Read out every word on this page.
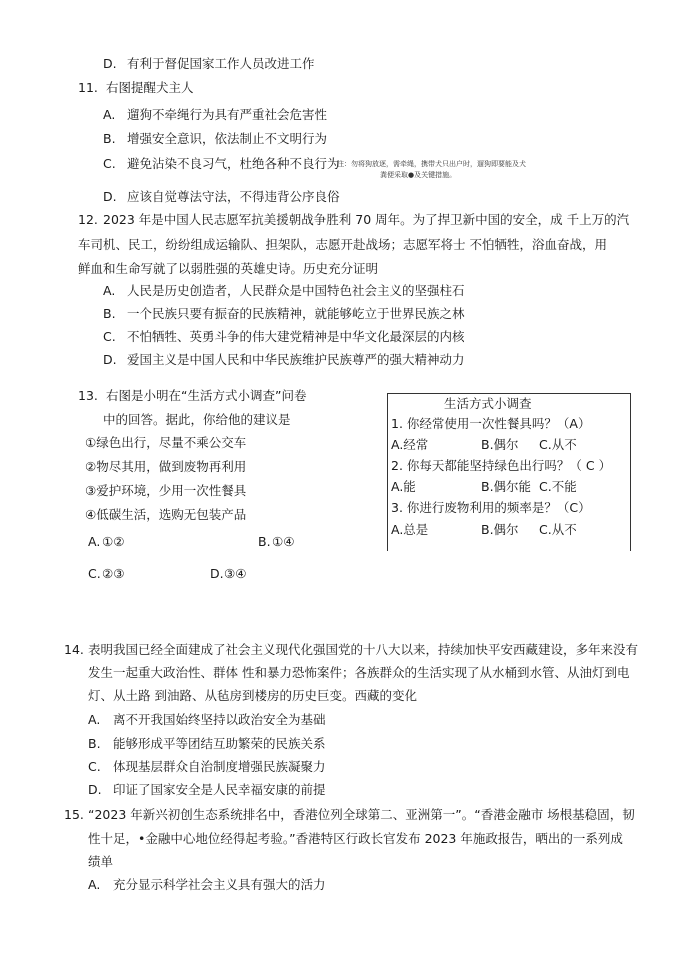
D. 有利于督促国家工作人员改进工作
11. 右图提醒犬主人
A. 遛狗不牵绳行为具有严重社会危害性
B. 增强安全意识，依法制止不文明行为
C. 避免沾染不良习气，杜绝各种不良行为
注：勿将狗放逐，需牵绳，携带犬只出户时，遛狗即要能及犬
粪便采取●及关键措施。
D. 应该自觉尊法守法，不得违背公序良俗
12. 2023 年是中国人民志愿军抗美援朝战争胜利 70 周年。为了捍卫新中国的安全，成 千上万的汽
车司机、民工，纷纷组成运输队、担架队，志愿开赴战场；志愿军将士 不怕牺牲，浴血奋战，用
鲜血和生命写就了以弱胜强的英雄史诗。历史充分证明
A. 人民是历史创造者，人民群众是中国特色社会主义的坚强柱石
B. 一个民族只要有振奋的民族精神，就能够屹立于世界民族之林
C. 不怕牺牲、英勇斗争的伟大建党精神是中华文化最深层的内核
D. 爱国主义是中国人民和中华民族维护民族尊严的强大精神动力
13. 右图是小明在“生活方式小调查”问卷
中的回答。据此，你给他的建议是
①绿色出行，尽量不乘公交车
②物尽其用，做到废物再利用
③爱护环境，少用一次性餐具
④低碳生活，选购无包装产品
A. ①②	B. ①④
C. ②③	D. ③④
生活方式小调查
1. 你经常使用一次性餐具吗？（A）
A.经常	B.偶尔 C.从不
2. 你每天都能坚持绿色出行吗？（ C ）
A.能	B.偶尔能 C.不能
3. 你进行废物利用的频率是？（C）
A.总是	B.偶尔 C.从不
14. 表明我国已经全面建成了社会主义现代化强国党的十八大以来，持续加快平安西藏建设，多年来没有
发生一起重大政治性、群体 性和暴力恐怖案件；各族群众的生活实现了从水桶到水管、从油灯到电
灯、从土路 到油路、从毡房到楼房的历史巨变。西藏的变化
A. 离不开我国始终坚持以政治安全为基础
B. 能够形成平等团结互助繁荣的民族关系
C. 体现基层群众自治制度增强民族凝聚力
D. 印证了国家安全是人民幸福安康的前提
15. “2023 年新兴初创生态系统排名中，香港位列全球第二、亚洲第一”。“香港金融市 场根基稳固，韧
性十足，•金融中心地位经得起考验。”香港特区行政长官发布 2023 年施政报告，晒出的一系列成
绩单
A. 充分显示科学社会主义具有强大的活力
